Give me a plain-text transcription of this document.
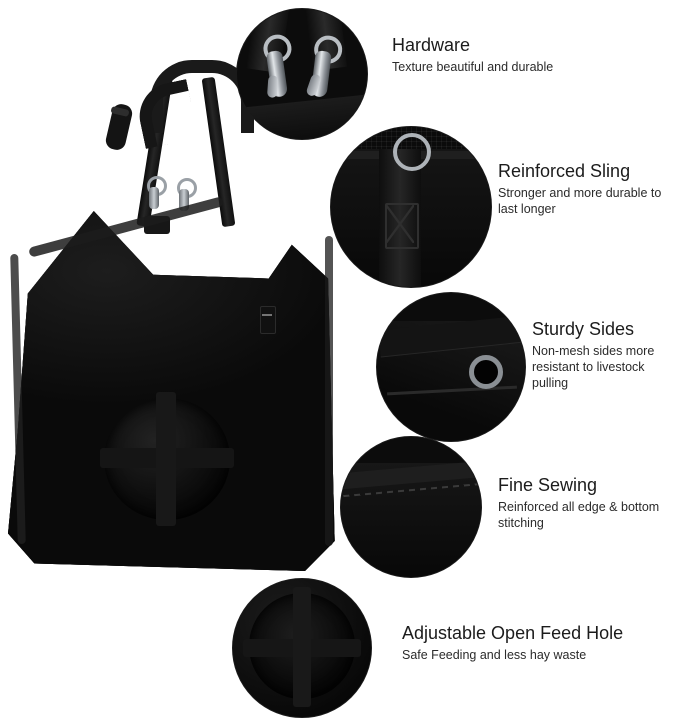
Hardware
Texture beautiful and durable
Reinforced Sling
Stronger and more durable to last longer
Sturdy Sides
Non-mesh sides more resistant to livestock pulling
Fine Sewing
Reinforced all edge & bottom stitching
Adjustable Open Feed Hole
Safe Feeding and less hay waste
